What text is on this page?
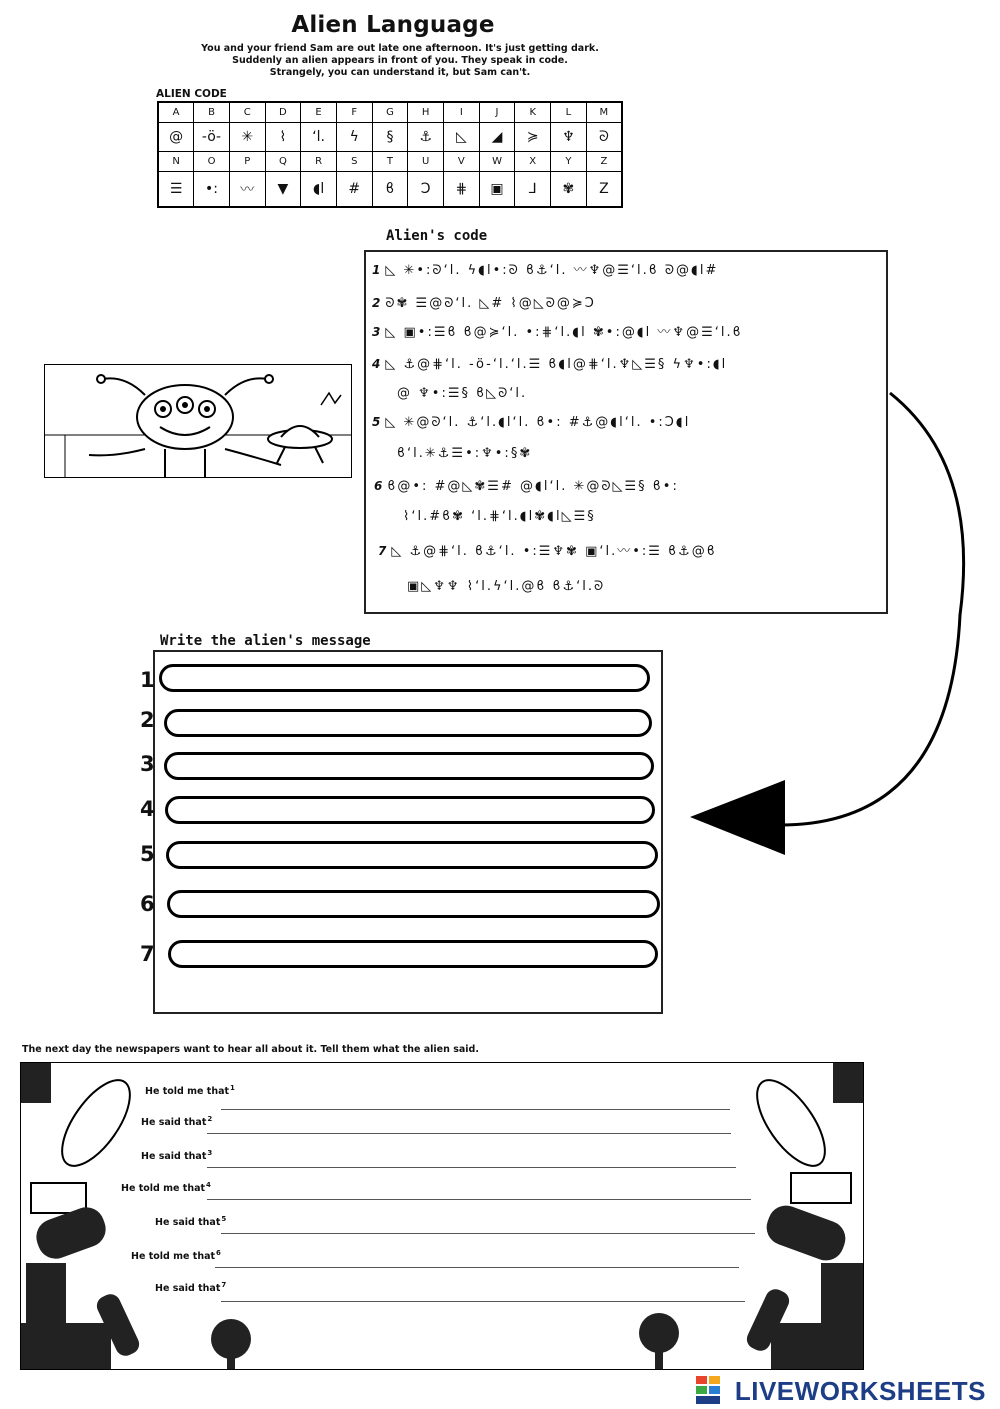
Alien Language
You and your friend Sam are out late one afternoon. It's just getting dark.
Suddenly an alien appears in front of you. They speak in code.
Strangely, you can understand it, but Sam can't.
ALIEN CODE
A	B	C	D	E	F	G	H	I	J	K	L	M
@	-ö-	✳	⌇	ʻl.	ϟ	§	⚓	◺	◢	≽	♆	ᘐ
N	O	P	Q	R	S	T	U	V	W	X	Y	Z
☰	•:	〰	▼	◖l	#	ϐ	Ͻ	⋕	▣	⅃	✾	Z
Alien's code
1 ◺ ✳•:ᘐʻl. ϟ◖l•:ᘐ ϐ⚓ʻl. 〰♆@☰ʻl.ϐ ᘐ@◖l#
2 ᘐ✾ ☰@ᘐʻl. ◺# ⌇@◺ᘐ@≽Ͻ
3 ◺ ▣•:☰ϐ ϐ@≽ʻl. •:⋕ʻl.◖l ✾•:@◖l 〰♆@☰ʻl.ϐ
4 ◺ ⚓@⋕ʻl. -ö-ʻl.ʻl.☰ ϐ◖l@⋕ʻl.♆◺☰§ ϟ♆•:◖l
@ ♆•:☰§ ϐ◺ᘐʻl.
5 ◺ ✳@ᘐʻl. ⚓ʻl.◖lʻl. ϐ•: #⚓@◖lʻl. •:Ͻ◖l
ϐʻl.✳⚓☰•:♆•:§✾
6 ϐ@•: #@◺✾☰# @◖lʻl. ✳@ᘐ◺☰§ ϐ•:
⌇ʻl.#ϐ✾ ʻl.⋕ʻl.◖l✾◖l◺☰§
7 ◺ ⚓@⋕ʻl. ϐ⚓ʻl. •:☰♆✾ ▣ʻl.〰•:☰ ϐ⚓@ϐ
▣◺♆♆ ⌇ʻl.ϟʻl.@ϐ ϐ⚓ʻl.ᘐ
Write the alien's message
1
2
3
4
5
6
7
The next day the newspapers want to hear all about it. Tell them what the alien said.
He told me that$^1$
He said that$^2$
He said that$^3$
He told me that$^4$
He said that$^5$
He told me that$^6$
He said that$^7$
LIVEWORKSHEETS
